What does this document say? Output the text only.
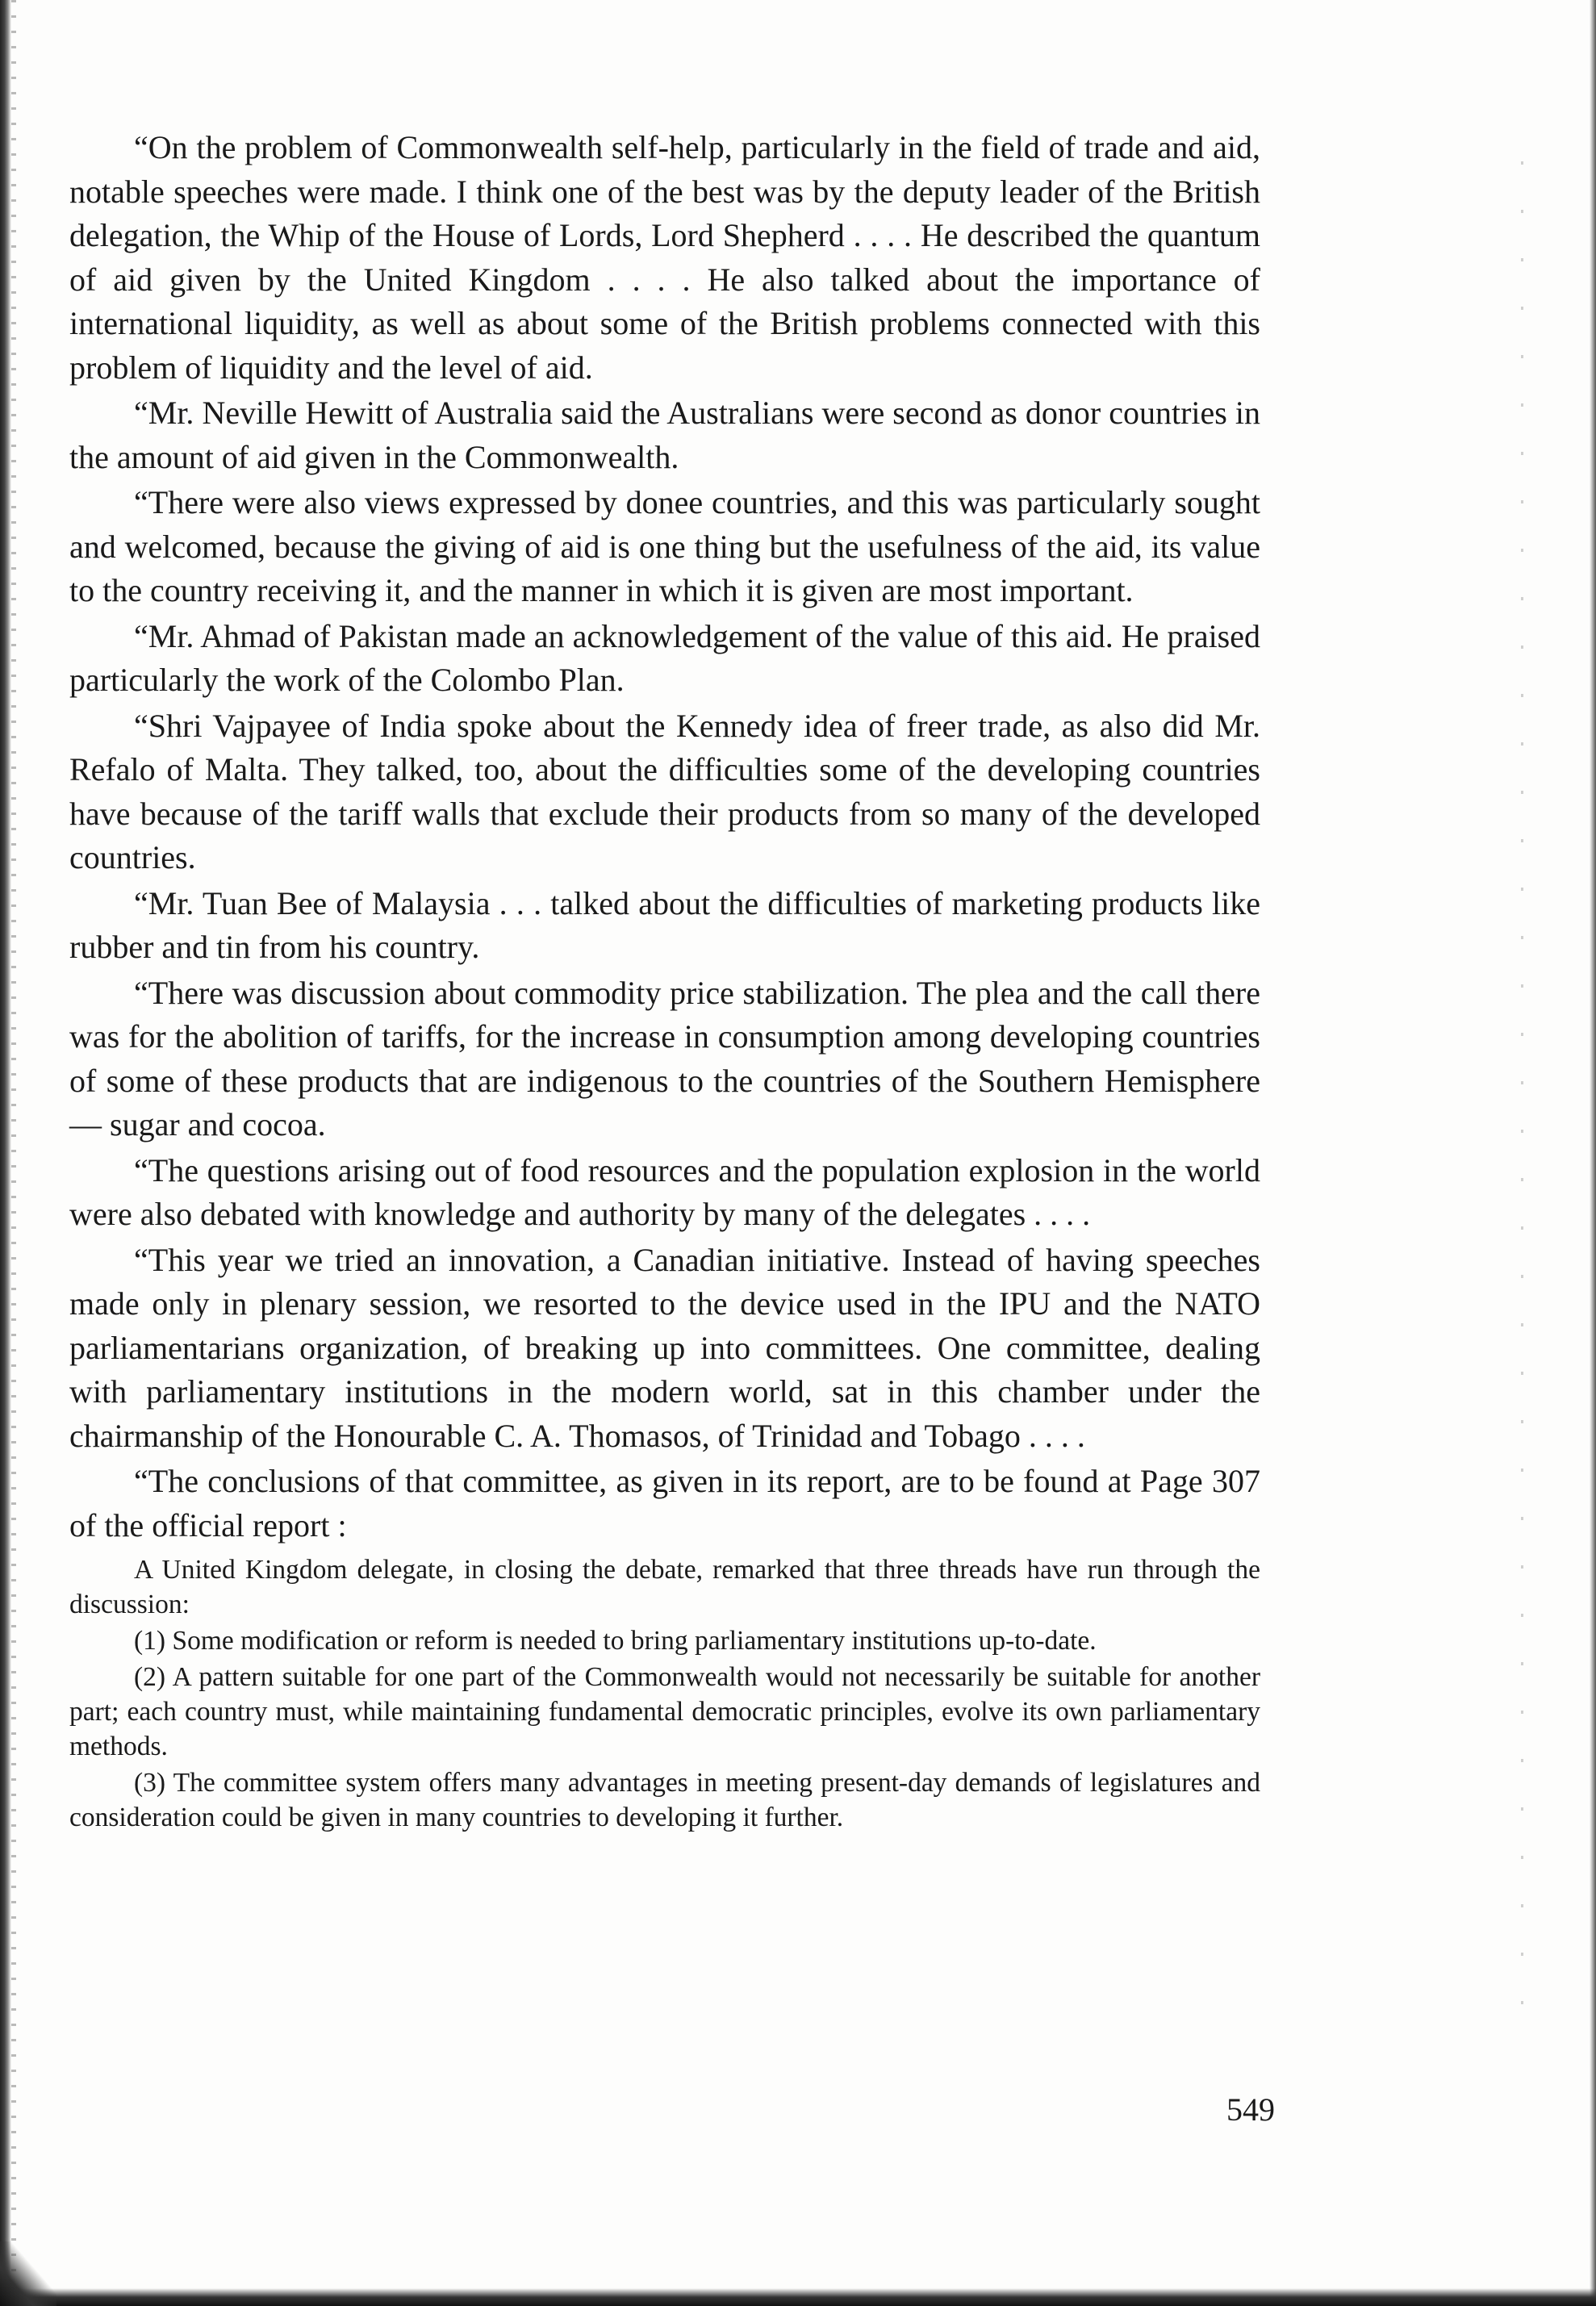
“On the problem of Commonwealth self-help, particularly in the field of trade and aid, notable speeches were made. I think one of the best was by the deputy leader of the British delegation, the Whip of the House of Lords, Lord Shepherd . . . . He described the quantum of aid given by the United Kingdom . . . . He also talked about the importance of international liquidity, as well as about some of the British problems connected with this problem of liquidity and the level of aid.

“Mr. Neville Hewitt of Australia said the Australians were second as donor countries in the amount of aid given in the Commonwealth.

“There were also views expressed by donee countries, and this was particularly sought and welcomed, because the giving of aid is one thing but the usefulness of the aid, its value to the country receiving it, and the manner in which it is given are most important.

“Mr. Ahmad of Pakistan made an acknowledgement of the value of this aid. He praised particularly the work of the Colombo Plan.

“Shri Vajpayee of India spoke about the Kennedy idea of freer trade, as also did Mr. Refalo of Malta. They talked, too, about the difficulties some of the developing countries have because of the tariff walls that exclude their products from so many of the developed countries.

“Mr. Tuan Bee of Malaysia . . . talked about the difficulties of marketing products like rubber and tin from his country.

“There was discussion about commodity price stabilization. The plea and the call there was for the abolition of tariffs, for the increase in consumption among developing countries of some of these products that are indigenous to the countries of the Southern Hemisphere — sugar and cocoa.

“The questions arising out of food resources and the population explosion in the world were also debated with knowledge and authority by many of the delegates . . . .

“This year we tried an innovation, a Canadian initiative. Instead of having speeches made only in plenary session, we resorted to the device used in the IPU and the NATO parliamentarians organization, of breaking up into committees. One committee, dealing with parliamentary institutions in the modern world, sat in this chamber under the chairmanship of the Honourable C. A. Thomasos, of Trinidad and Tobago . . . .

“The conclusions of that committee, as given in its report, are to be found at Page 307 of the official report :

A United Kingdom delegate, in closing the debate, remarked that three threads have run through the discussion:

(1) Some modification or reform is needed to bring parliamentary institutions up-to-date.

(2) A pattern suitable for one part of the Commonwealth would not necessarily be suitable for another part; each country must, while maintaining fundamental democratic principles, evolve its own parliamentary methods.

(3) The committee system offers many advantages in meeting present-day demands of legislatures and consideration could be given in many countries to developing it further.

549
